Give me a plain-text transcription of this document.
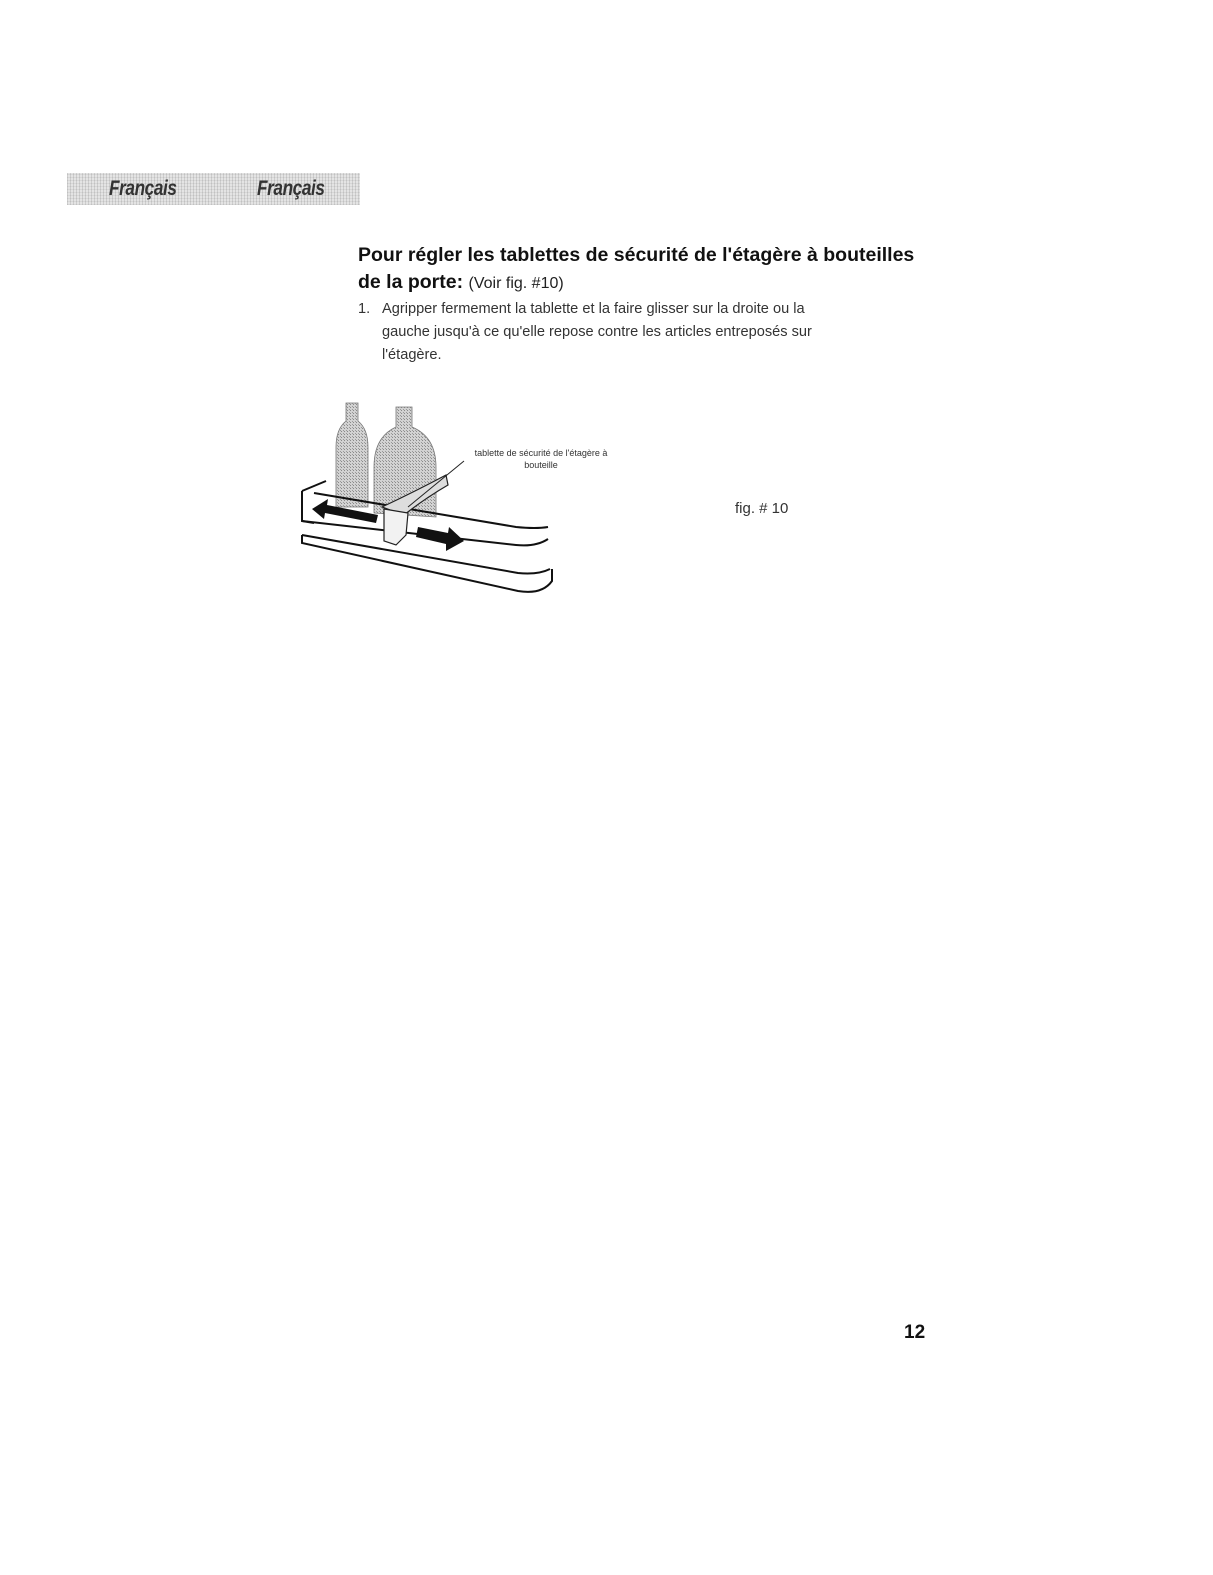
Français	Français
Pour régler les tablettes de sécurité de l'étagère à bouteilles de la porte: (Voir fig. #10)
1. Agripper fermement la tablette et la faire glisser sur la droite ou la gauche jusqu'à ce qu'elle repose contre les articles entreposés sur l'étagère.
tablette de sécurité de l'étagère à bouteille
fig. # 10
12
